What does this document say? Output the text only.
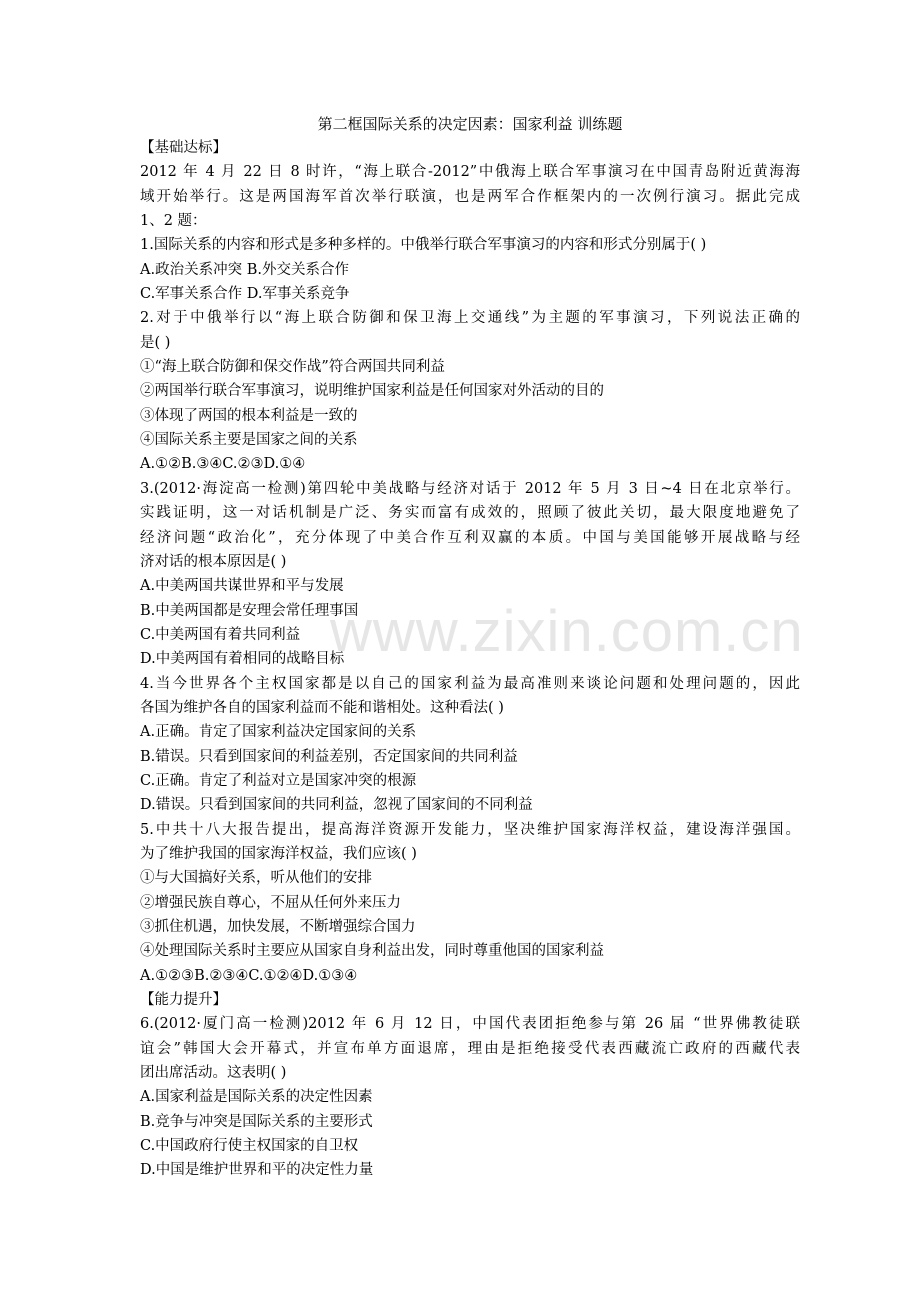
www.zixin.com.cn
第二框国际关系的决定因素：国家利益 训练题
【基础达标】
2012 年 4 月 22 日 8 时许，“海上联合-2012”中俄海上联合军事演习在中国青岛附近黄海海
域开始举行。这是两国海军首次举行联演，也是两军合作框架内的一次例行演习。据此完成
1、2 题：
1.国际关系的内容和形式是多种多样的。中俄举行联合军事演习的内容和形式分别属于( )
A.政治关系冲突 B.外交关系合作
C.军事关系合作 D.军事关系竞争
2.对于中俄举行以“海上联合防御和保卫海上交通线”为主题的军事演习，下列说法正确的
是( )
①“海上联合防御和保交作战”符合两国共同利益
②两国举行联合军事演习，说明维护国家利益是任何国家对外活动的目的
③体现了两国的根本利益是一致的
④国际关系主要是国家之间的关系
A.①②B.③④C.②③D.①④
3.(2012·海淀高一检测)第四轮中美战略与经济对话于 2012 年 5 月 3 日~4 日在北京举行。
实践证明，这一对话机制是广泛、务实而富有成效的，照顾了彼此关切，最大限度地避免了
经济问题“政治化”，充分体现了中美合作互利双赢的本质。中国与美国能够开展战略与经
济对话的根本原因是( )
A.中美两国共谋世界和平与发展
B.中美两国都是安理会常任理事国
C.中美两国有着共同利益
D.中美两国有着相同的战略目标
4.当今世界各个主权国家都是以自己的国家利益为最高准则来谈论问题和处理问题的，因此
各国为维护各自的国家利益而不能和谐相处。这种看法( )
A.正确。肯定了国家利益决定国家间的关系
B.错误。只看到国家间的利益差别，否定国家间的共同利益
C.正确。肯定了利益对立是国家冲突的根源
D.错误。只看到国家间的共同利益，忽视了国家间的不同利益
5.中共十八大报告提出，提高海洋资源开发能力，坚决维护国家海洋权益，建设海洋强国。
为了维护我国的国家海洋权益，我们应该( )
①与大国搞好关系，听从他们的安排
②增强民族自尊心，不屈从任何外来压力
③抓住机遇，加快发展，不断增强综合国力
④处理国际关系时主要应从国家自身利益出发，同时尊重他国的国家利益
A.①②③B.②③④C.①②④D.①③④
【能力提升】
6.(2012·厦门高一检测)2012 年 6 月 12 日，中国代表团拒绝参与第 26 届 “世界佛教徒联
谊会”韩国大会开幕式，并宣布单方面退席，理由是拒绝接受代表西藏流亡政府的西藏代表
团出席活动。这表明( )
A.国家利益是国际关系的决定性因素
B.竞争与冲突是国际关系的主要形式
C.中国政府行使主权国家的自卫权
D.中国是维护世界和平的决定性力量
